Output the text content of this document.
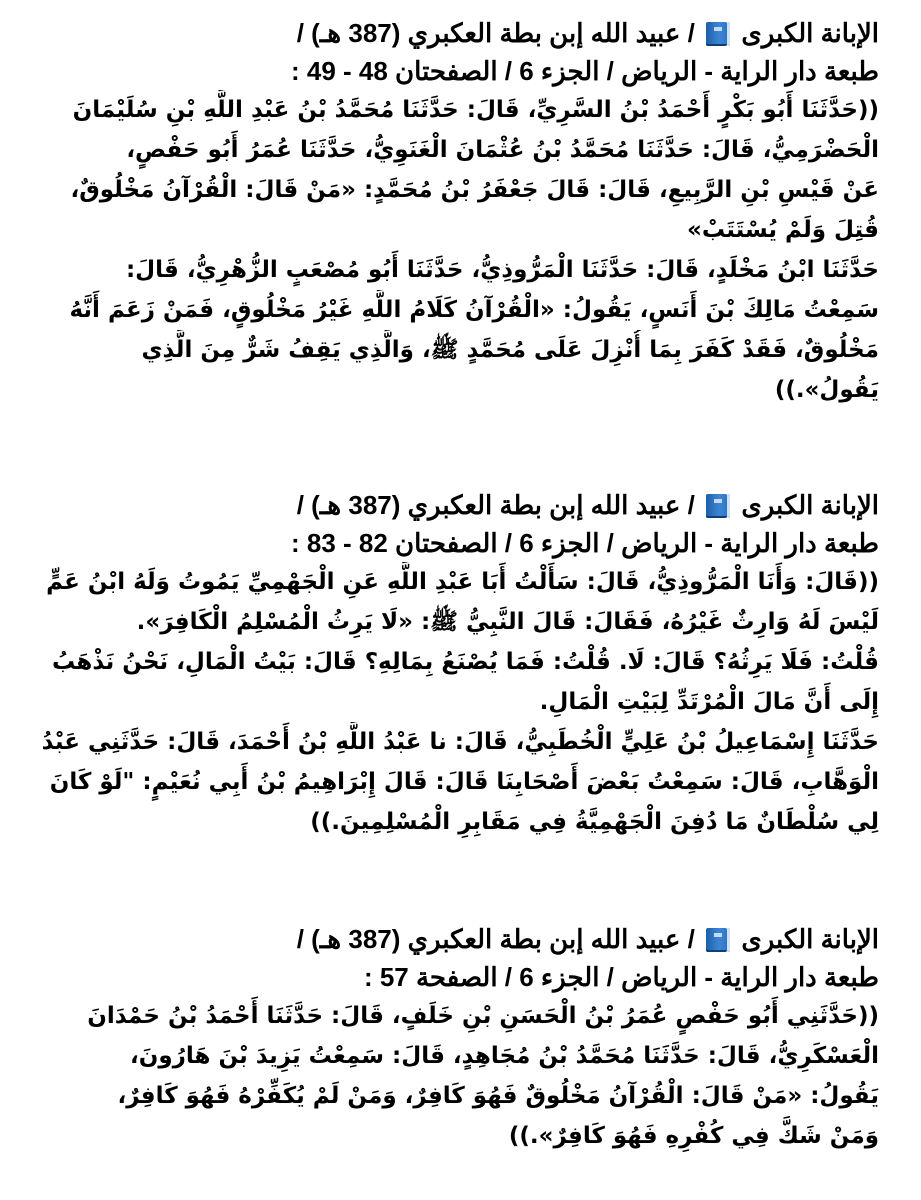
الإبانة الكبرى  / عبيد الله إبن بطة العكبري (387 هـ) /
طبعة دار الراية - الرياض / الجزء 6 / الصفحتان 48 - 49 :
((حَدَّثَنَا أَبُو بَكْرٍ أَحْمَدُ بْنُ السَّرِيِّ، قَالَ: حَدَّثَنَا مُحَمَّدُ بْنُ عَبْدِ اللَّهِ بْنِ سُلَيْمَانَ
الْحَضْرَمِيُّ، قَالَ: حَدَّثَنَا مُحَمَّدُ بْنُ عُثْمَانَ الْغَنَوِيُّ، حَدَّثَنَا عُمَرُ أَبُو حَفْصٍ،
عَنْ قَيْسِ بْنِ الرَّبِيعِ، قَالَ: قَالَ جَعْفَرُ بْنُ مُحَمَّدٍ: «مَنْ قَالَ: الْقُرْآنُ مَخْلُوقٌ،
قُتِلَ وَلَمْ يُسْتَتَبْ»
حَدَّثَنَا ابْنُ مَخْلَدٍ، قَالَ: حَدَّثَنَا الْمَرُّوذِيُّ، حَدَّثَنَا أَبُو مُصْعَبٍ الزُّهْرِيُّ، قَالَ:
سَمِعْتُ مَالِكَ بْنَ أَنَسٍ، يَقُولُ: «الْقُرْآنُ كَلَامُ اللَّهِ غَيْرُ مَخْلُوقٍ، فَمَنْ زَعَمَ أَنَّهُ
مَخْلُوقٌ، فَقَدْ كَفَرَ بِمَا أُنْزِلَ عَلَى مُحَمَّدٍ ﷺ، وَالَّذِي يَقِفُ شَرٌّ مِنَ الَّذِي
يَقُولُ».))
الإبانة الكبرى  / عبيد الله إبن بطة العكبري (387 هـ) /
طبعة دار الراية - الرياض / الجزء 6 / الصفحتان 82 - 83 :
((قَالَ: وَأَنَا الْمَرُّوذِيُّ، قَالَ: سَأَلْتُ أَبَا عَبْدِ اللَّهِ عَنِ الْجَهْمِيِّ يَمُوتُ وَلَهُ ابْنُ عَمٍّ
لَيْسَ لَهُ وَارِثٌ غَيْرُهُ، فَقَالَ: قَالَ النَّبِيُّ ﷺ: «لَا يَرِثُ الْمُسْلِمُ الْكَافِرَ».
قُلْتُ: فَلَا يَرِثُهُ؟ قَالَ: لَا. قُلْتُ: فَمَا يُصْنَعُ بِمَالِهِ؟ قَالَ: بَيْتُ الْمَالِ، نَحْنُ نَذْهَبُ
إِلَى أَنَّ مَالَ الْمُرْتَدِّ لِبَيْتِ الْمَالِ.
حَدَّثَنَا إِسْمَاعِيلُ بْنُ عَلِيٍّ الْخُطَبِيُّ، قَالَ: نا عَبْدُ اللَّهِ بْنُ أَحْمَدَ، قَالَ: حَدَّثَنِي عَبْدُ
الْوَهَّابِ، قَالَ: سَمِعْتُ بَعْضَ أَصْحَابِنَا قَالَ: قَالَ إِبْرَاهِيمُ بْنُ أَبِي نُعَيْمٍ: "لَوْ كَانَ
لِي سُلْطَانٌ مَا دُفِنَ الْجَهْمِيَّةُ فِي مَقَابِرِ الْمُسْلِمِينَ.))
الإبانة الكبرى  / عبيد الله إبن بطة العكبري (387 هـ) /
طبعة دار الراية - الرياض / الجزء 6 / الصفحة 57 :
((حَدَّثَنِي أَبُو حَفْصٍ عُمَرُ بْنُ الْحَسَنِ بْنِ خَلَفٍ، قَالَ: حَدَّثَنَا أَحْمَدُ بْنُ حَمْدَانَ
الْعَسْكَرِيُّ، قَالَ: حَدَّثَنَا مُحَمَّدُ بْنُ مُجَاهِدٍ، قَالَ: سَمِعْتُ يَزِيدَ بْنَ هَارُونَ،
يَقُولُ: «مَنْ قَالَ: الْقُرْآنُ مَخْلُوقٌ فَهُوَ كَافِرٌ، وَمَنْ لَمْ يُكَفِّرْهُ فَهُوَ كَافِرٌ،
وَمَنْ شَكَّ فِي كُفْرِهِ فَهُوَ كَافِرٌ».))
